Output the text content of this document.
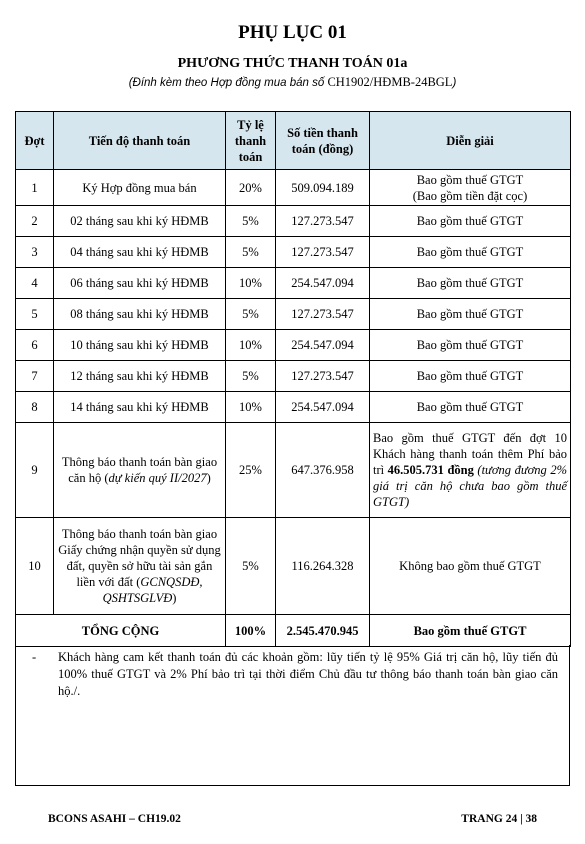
PHỤ LỤC 01
PHƯƠNG THỨC THANH TOÁN 01a
(Đính kèm theo Hợp đồng mua bán số CH1902/HĐMB-24BGL)
Đợt	Tiến độ thanh toán	Tỷ lệ thanh toán	Số tiền thanh toán (đồng)	Diễn giải
1	Ký Hợp đồng mua bán	20%	509.094.189	Bao gồm thuế GTGT
(Bao gồm tiền đặt cọc)

2	02 tháng sau khi ký HĐMB	5%	127.273.547	Bao gồm thuế GTGT
3	04 tháng sau khi ký HĐMB	5%	127.273.547	Bao gồm thuế GTGT
4	06 tháng sau khi ký HĐMB	10%	254.547.094	Bao gồm thuế GTGT
5	08 tháng sau khi ký HĐMB	5%	127.273.547	Bao gồm thuế GTGT
6	10 tháng sau khi ký HĐMB	10%	254.547.094	Bao gồm thuế GTGT
7	12 tháng sau khi ký HĐMB	5%	127.273.547	Bao gồm thuế GTGT
8	14 tháng sau khi ký HĐMB	10%	254.547.094	Bao gồm thuế GTGT
9	Thông báo thanh toán bàn giao căn hộ (dự kiến quý II/2027)	25%	647.376.958	Bao gồm thuế GTGT đến đợt 10 Khách hàng thanh toán thêm Phí bảo trì 46.505.731 đồng (tương đương 2% giá trị căn hộ chưa bao gồm thuế GTGT)

10	Thông báo thanh toán bàn giao Giấy chứng nhận quyền sử dụng đất, quyền sở hữu tài sản gắn liền với đất (GCNQSDĐ, QSHTSGLVĐ)	5%	116.264.328	Không bao gồm thuế GTGT
TỔNG CỘNG		100%	2.545.470.945	Bao gồm thuế GTGT
-	Khách hàng cam kết thanh toán đủ các khoản gồm: lũy tiến tỷ lệ 95% Giá trị căn hộ, lũy tiến đủ 100% thuế GTGT và 2% Phí bảo trì tại thời điểm Chủ đầu tư thông báo thanh toán bàn giao căn hộ./.
BCONS ASAHI – CH19.02	TRANG 24 | 38
